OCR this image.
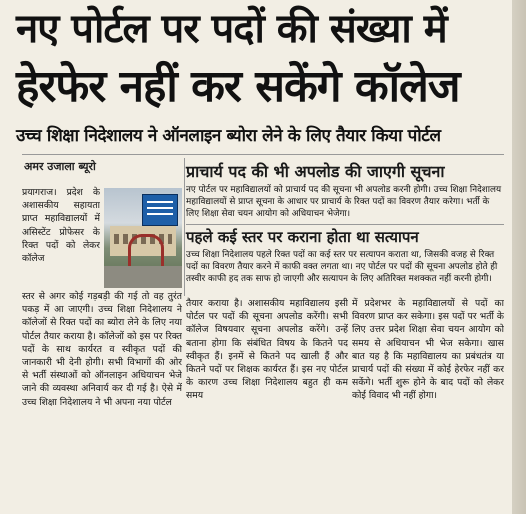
नए पोर्टल पर पदों की संख्या में
हेरफेर नहीं कर सकेंगे कॉलेज
उच्च शिक्षा निदेशालय ने ऑनलाइन ब्योरा लेने के लिए तैयार किया पोर्टल
अमर उजाला ब्यूरो	प्राचार्य पद की भी अपलोड की जाएगी सूचना
नए पोर्टल पर महाविद्यालयों को प्राचार्य पद की सूचना भी अपलोड करनी होगी। उच्च शिक्षा निदेशालय महाविद्यालयों से प्राप्त सूचना के आधार पर प्राचार्य के रिक्त पदों का विवरण तैयार करेगा। भर्ती के लिए शिक्षा सेवा चयन आयोग को अधियाचन भेजेगा।
पहले कई स्तर पर कराना होता था सत्यापन
उच्च शिक्षा निदेशालय पहले रिक्त पदों का कई स्तर पर सत्यापन कराता था, जिसकी वजह से रिक्त पदों का विवरण तैयार करने में काफी वक्त लगता था। नए पोर्टल पर पदों की सूचना अपलोड होते ही तस्वीर काफी हद तक साफ हो जाएगी और सत्यापन के लिए अतिरिक्त मशक्कत नहीं करनी होगी।
प्रयागराज। प्रदेश के अशासकीय सहायता प्राप्त महाविद्यालयों में असिस्टेंट प्रोफेसर के रिक्त पदों को लेकर कॉलेज
स्तर से अगर कोई गड़बड़ी की गई तो वह तुरंत पकड़ में आ जाएगी। उच्च शिक्षा निदेशालय ने कॉलेजों से रिक्त पदों का ब्योरा लेने के लिए नया पोर्टल तैयार कराया है। कॉलेजों को इस पर रिक्त पदों के साथ कार्यरत व स्वीकृत पदों की जानकारी भी देनी होगी। सभी विभागों की ओर से भर्ती संस्थाओं को ऑनलाइन अधियाचन भेजे जाने की व्यवस्था अनिवार्य कर दी गई है। ऐसे में उच्च शिक्षा निदेशालय ने भी अपना नया पोर्टल
तैयार कराया है। अशासकीय महाविद्यालय इसी पोर्टल पर पदों की सूचना अपलोड करेंगी। सभी कॉलेज विषयवार सूचना अपलोड करेंगे। उन्हें बताना होगा कि संबंधित विषय के कितने पद स्वीकृत हैं। इनमें से कितने पद खाली हैं और कितने पदों पर शिक्षक कार्यरत हैं। इस नए पोर्टल के कारण उच्च शिक्षा निदेशालय बहुत ही कम समय
में प्रदेशभर के महाविद्यालयों से पदों का विवरण प्राप्त कर सकेगा। इस पदों पर भर्ती के लिए उत्तर प्रदेश शिक्षा सेवा चयन आयोग को समय से अधियाचन भी भेज सकेगा। खास बात यह है कि महाविद्यालय का प्रबंधतंत्र या प्राचार्य पदों की संख्या में कोई हेरफेर नहीं कर सकेंगे। भर्ती शुरू होने के बाद पदों को लेकर कोई विवाद भी नहीं होगा।
